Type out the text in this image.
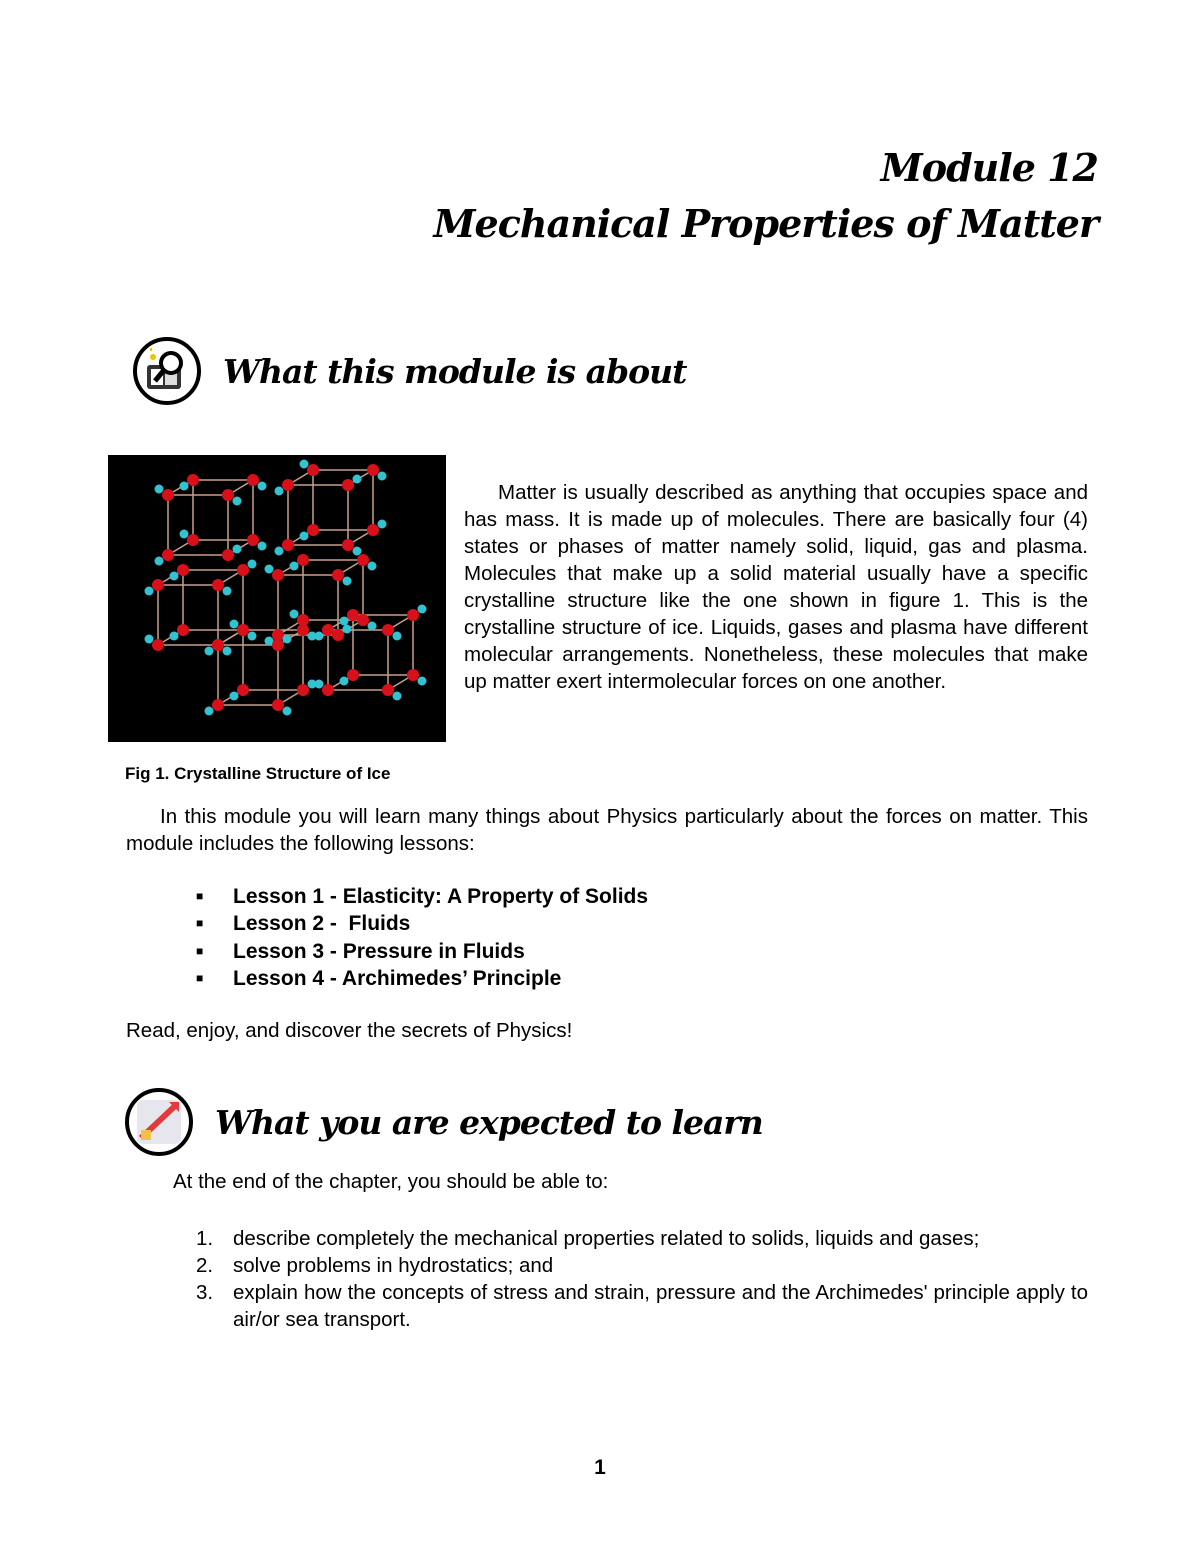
Module 12
Mechanical Properties of Matter
What this module is about
Matter is usually described as anything that occupies space and has mass. It is made up of molecules. There are basically four (4) states or phases of matter namely solid, liquid, gas and plasma. Molecules that make up a solid material usually have a specific crystalline structure like the one shown in figure 1. This is the crystalline structure of ice. Liquids, gases and plasma have different molecular arrangements. Nonetheless, these molecules that make up matter exert intermolecular forces on one another.
Fig 1. Crystalline Structure of Ice
In this module you will learn many things about Physics particularly about the forces on matter. This module includes the following lessons:
■	Lesson 1 - Elasticity: A Property of Solids
■	Lesson 2 -  Fluids
■	Lesson 3 - Pressure in Fluids
■	Lesson 4 - Archimedes’ Principle
Read, enjoy, and discover the secrets of Physics!
What you are expected to learn
At the end of the chapter, you should be able to:
1. describe completely the mechanical properties related to solids, liquids and gases;
2. solve problems in hydrostatics; and
3. explain how the concepts of stress and strain, pressure and the Archimedes' principle apply to air/or sea transport.
1
